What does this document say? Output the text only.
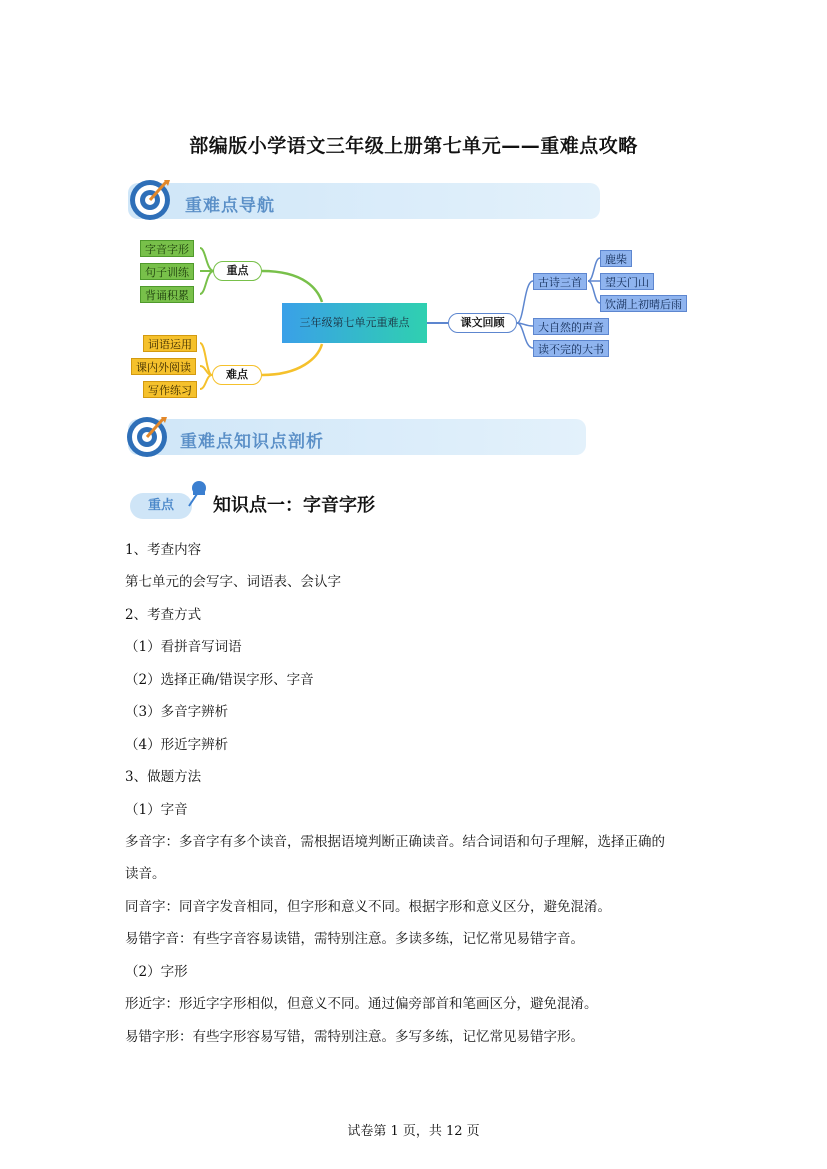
部编版小学语文三年级上册第七单元——重难点攻略
重难点导航
字音字形
句子训练
背诵积累
重点
词语运用
课内外阅读
写作练习
难点
三年级第七单元重难点	课文回顾
古诗三首
鹿柴
望天门山
饮湖上初晴后雨
大自然的声音
读不完的大书
重难点知识点剖析
重点	知识点一：字音字形
1、考查内容
第七单元的会写字、词语表、会认字
2、考查方式
（1）看拼音写词语
（2）选择正确/错误字形、字音
（3）多音字辨析
（4）形近字辨析
3、做题方法
（1）字音
多音字：多音字有多个读音，需根据语境判断正确读音。结合词语和句子理解，选择正确的
读音。
同音字：同音字发音相同，但字形和意义不同。根据字形和意义区分，避免混淆。
易错字音：有些字音容易读错，需特别注意。多读多练，记忆常见易错字音。
（2）字形
形近字：形近字字形相似，但意义不同。通过偏旁部首和笔画区分，避免混淆。
易错字形：有些字形容易写错，需特别注意。多写多练，记忆常见易错字形。
试卷第 1 页，共 12 页
